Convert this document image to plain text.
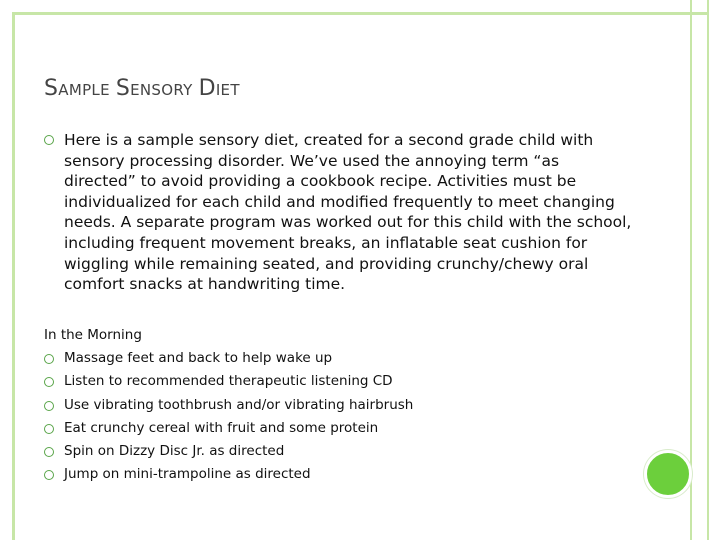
Sample Sensory Diet
Here is a sample sensory diet, created for a second grade child with sensory processing disorder. We’ve used the annoying term “as directed” to avoid providing a cookbook recipe. Activities must be individualized for each child and modified frequently to meet changing needs. A separate program was worked out for this child with the school, including frequent movement breaks, an inflatable seat cushion for wiggling while remaining seated, and providing crunchy/chewy oral comfort snacks at handwriting time.

In the Morning

Massage feet and back to help wake up
Listen to recommended therapeutic listening CD
Use vibrating toothbrush and/or vibrating hairbrush
Eat crunchy cereal with fruit and some protein
Spin on Dizzy Disc Jr. as directed
Jump on mini-trampoline as directed
